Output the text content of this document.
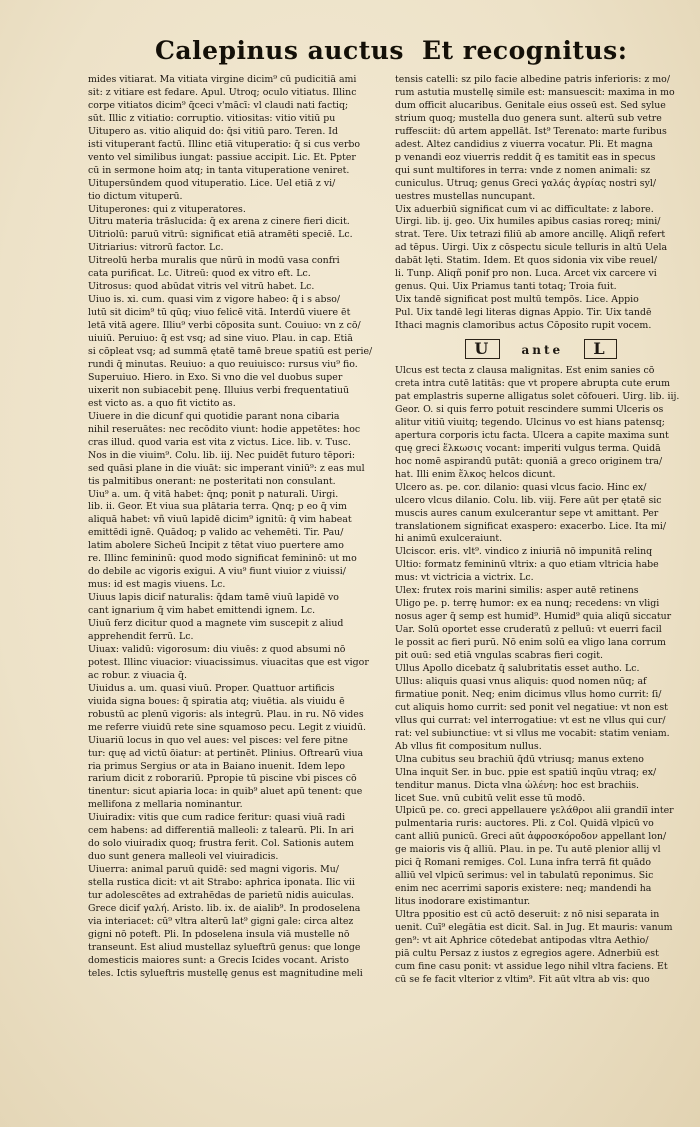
Calepinus auctus Et recognitus:
mides vitiarat. Ma vitiata virgine dicim⁹ cū pudicitiā ami
sit: z vitiare est fedare. Apul. Utroq; oculo vitiatus. Illinc
corpe vitiatos dicim⁹ q̄ceci v'mācī: vl claudi nati factiq;
sūt. Illic z vitiatio: corruptio. vitiositas: vitio vitiū pu
Uitupero as. vitio aliquid do: q̄si vitiū paro. Teren. Id
isti vituperant factū. Illinc etiā vituperatio: q̄ si cus verbo
vento vel similibus iungat: passiue accipit. Lic. Et. Ppter
cū in sermone hoim atq; in tanta vituperatione veniret.
Uitupersūndem quod vituperatio. Lice. Uel etiā z vi/
tio dictum vituperū.
Uituperones: qui z vituperatores.
Uitru materia trāslucida: q̄ ex arena z cinere fieri dicit.
Uitriolū: paruū vitrū: significat etiā atramēti speciē. Lc.
Uitriarius: vitrorū factor. Lc.
Uitreolū herba muralis que nūrū in modū vasa confri
cata purificat. Lc. Uitreū: quod ex vitro eft. Lc.
Uitrosus: quod abūdat vitris vel vitrū habet. Lc.
Uiuo is. xi. cum. quasi vim z vigore habeo: q̄ i s abso/
lutū sit dicim⁹ tū qūq; viuo felicē vitā. Interdū viuere ēt
letā vitā agere. Illiu⁹ verbi cōposita sunt. Couiuo: vn z cō/
uiuiū. Peruiuo: q̄ est vsq; ad sine viuo. Plau. in cap. Etiā
si cōpleat vsq; ad summā ętatē tamē breue spatiū est perie/
rundi q̄ minutas. Reuiuo: a quo reuiuisco: rursus viu⁹ fio.
Superuiuo. Hiero. in Exo. Si vno die vel duobus super
uixerit non subiacebit penę. Illuius verbi frequentatiuū
est victo as. a quo fit victito as.
Uiuere in die dicunf qui quotidie parant nona cibaria
nihil reseruātes: nec recōdito viunt: hodie appetētes: hoc
cras illud. quod varia est vita z victus. Lice. lib. v. Tusc.
Nos in die viuim⁹. Colu. lib. iij. Nec puidēt futuro tēpori:
sed quāsi plane in die viuāt: sic imperant viniū⁹: z eas mul
tis palmitibus onerant: ne posteritati non consulant.
Uiu⁹ a. um. q̄ vitā habet: q̄nq; ponit p naturali. Uirgi.
lib. ii. Geor. Et viua sua plātaria terra. Q̄nq; p eo q̄ vim
aliquā habet: vñ viuū lapidē dicim⁹ ignitū: q̄ vim habeat
emittēdi ignē. Quādoq; p valido ac vehemēti. Tir. Pau/
latim abolere Sicheū Incipit z tētat viuo puertere amo
re. Illinc femininū: quod modo significat femininō: ut mo
do debile ac vigoris exigui. A viu⁹ fiunt viuior z viuissi/
mus: id est magis viuens. Lc.
Uiuus lapis dicif naturalis: q̄dam tamē viuū lapidē vo
cant ignarium q̄ vim habet emittendi ignem. Lc.
Uiuū ferz dicitur quod a magnete vim suscepit z aliud
apprehendit ferrū. Lc.
Uiuax: validū: vigorosum: diu viuēs: z quod absumi nō
potest. Illinc viuacior: viuacissimus. viuacitas que est vigor
ac robur. z viuacia q̄.
Uiuidus a. um. quasi viuū. Proper. Quattuor artificis
viuida signa boues: q̄ spiratia atq; viuētia. als viuidu ē
robustū ac plenū vigoris: als integrū. Plau. in ru. Nō vides
me referre viuidū rete sine squamoso pecu. Legit z viuidū.
Uiuariū locus in quo vel aues: vel pisces: vel fere pitne
tur: quę ad victū ōiatur: at pertinēt. Plinius. Oftrearū viua
ria primus Sergius or ata in Baiano inuenit. Idem lepo
rarium dicit z roborariū. Ppropie tū piscine vbi pisces cō
tinentur: sicut apiaria loca: in quib⁹ aluet apū tenent: que
mellifona z mellaria nominantur.
Uiuiradix: vitis que cum radice feritur: quasi viuā radi
cem habens: ad differentiā malleoli: z talearū. Pli. In ari
do solo viuiradix quoq; frustra ferit. Col. Sationis autem
duo sunt genera malleoli vel viuiradicis.
Uiuerra: animal paruū quidē: sed magni vigoris. Mu/
stella rustica dicit: vt ait Strabo: aphrica iponata. Ilic vii
tur adolescētes ad extrahēdas de parietū nidis auiculas.
Grece dicif γαλή. Aristo. lib. ix. de aialib⁹. In prodoselena
via interiacet: cū⁹ vltra alterū lat⁹ gigni gale: circa altez
gigni nō poteft. Pli. In pdoselena insula viā mustelle nō
transeunt. Est aliud mustellaz sylueftrū genus: que longe
domesticis maiores sunt: a Grecis Icides vocant. Aristo
teles. Ictis sylueftris mustellę genus est magnitudine meli
tensis catelli: sz pilo facie albedine patris inferioris: z mo/
rum astutia mustellę simile est: mansuescit: maxima in mo
dum officit alucaribus. Genitale eius osseū est. Sed sylue
strium quoq; mustella duo genera sunt. alterū sub vetre
ruffesciit: dū artem appellāt. Ist⁹ Terenato: marte furibus
adest. Altez candidius z viuerra vocatur. Pli. Et magna
p venandi eoz viuerris reddit q̄ es tamitit eas in specus
qui sunt multifores in terra: vnde z nomen animali: sz
cuniculus. Utruq; genus Greci γαλάς ἀγρίας nostri syl/
uestres mustellas nuncupant.
Uix aduerbiū significat cum vi ac difficultate: z labore.
Uirgi. lib. ij. geo. Uix humiles apibus casias roreq; mini/
strat. Tere. Uix tetrazi filiū ab amore ancillę. Aliqñ refert
ad tēpus. Uirgi. Uix z cōspectu sicule telluris in altū Uela
dabāt lęti. Statim. Idem. Et quos sidonia vix vibe reuel/
li. Tunp. Aliqñ ponif pro non. Luca. Arcet vix carcere vi
genus. Qui. Uix Priamus tanti totaq; Troia fuit.
Uix tandē significat post multū tempōs. Lice. Appio
Pul. Uix tandē legi literas dignas Appio. Tir. Uix tandē
Ithaci magnis clamoribus actus Cōposito rupit vocem.
U	ante L
Ulcus est tecta z clausa malignitas. Est enim sanies cō
creta intra cutē latitās: que vt propere abrupta cute erum
pat emplastris superne alligatus solet cōfoueri. Uirg. lib. iij.
Geor. O. si quis ferro potuit rescindere summi Ulceris os
alitur vitiū viuitq; tegendo. Ulcinus vo est hians patensq;
apertura corporis ictu facta. Ulcera a capite maxima sunt
quę greci ἕλκωσις vocant: imperiti vulgus terma. Quidā
hoc nomē aspirandū putāt: quoniā a greco originem tra/
hat. Illi enim ἕλκος helcos dicunt.
Ulcero as. pe. cor. dilanio: quasi vlcus facio. Hinc ex/
ulcero vlcus dilanio. Colu. lib. viij. Fere aūt per ętatē sic
muscis aures canum exulcerantur sepe vt amittant. Per
translationem significat exaspero: exacerbo. Lice. Ita mi/
hi animū exulceraiunt.
Ulciscor. eris. vlt⁹. vindico z iniuriā nō impunitā relinq
Ultio: formatz femininū vltrix: a quo etiam vltricia habe
mus: vt victricia a victrix. Lc.
Ulex: frutex rois marini similis: asper autē retinens
Uligo pe. p. terrę humor: ex ea nunq; recedens: vn vligi
nosus ager q̄ semp est humid⁹. Humid⁹ quia aliqū siccatur
Uar. Solū oportet esse cruderatū z pelluū: vt euerri facil
le possit ac fieri purū. Nō enim solū ea vligo lana corrum
pit ouū: sed etiā vngulas scabras fieri cogit.
Ullus Apollo dicebatz q̄ salubritatis esset autho. Lc.
Ullus: aliquis quasi vnus aliquis: quod nomen nūq; af
firmatiue ponit. Neq; enim dicimus vllus homo currit: ſi/
cut aliquis homo currit: sed ponit vel negatiue: vt non est
vllus qui currat: vel interrogatiue: vt est ne vllus qui cur/
rat: vel subiunctiue: vt si vllus me vocabit: statim veniam.
Ab vllus fit compositum nullus.
Ulna cubitus seu brachiū q̄dū vtriusq; manus exteno
Ulna inquit Ser. in buc. ppie est spatiū inqūu vtraq; ex/
tenditur manus. Dicta vlna ὠλένη: hoc est brachiis.
licet Sue. vnū cubitū velit esse tū modō.
Ulpicū pe. co. greci appellauere γελάθροι alii grandiī inter
pulmentaria ruris: auctores. Pli. z Col. Quidā vlpicū vo
cant alliū punicū. Greci aūt ἀφροσκόροδον appellant lon/
ge maioris vis q̄ alliū. Plau. in pe. Tu autē plenior allij vl
pici q̄ Romani remiges. Col. Luna infra terrā fit quādo
alliū vel vlpicū serimus: vel in tabulatū reponimus. Sic
enim nec acerrimi saporis existere: neq; mandendi ha
litus inodorare existimantur.
Ultra ppositio est cū actō deseruit: z nō nisi separata in
uenit. Cuī⁹ elegātia est dicit. Sal. in Jug. Et mauris: vanum
gen⁹: vt ait Aphrice cōtedebat antipodas vltra Aethio/
piā cultu Persaz z iustos z egregios agere. Adnerbiū est
cum fine casu ponit: vt assidue lego nihil vltra faciens. Et
cū se fe facit vlterior z vltim⁹. Fit aūt vltra ab vis: quo
